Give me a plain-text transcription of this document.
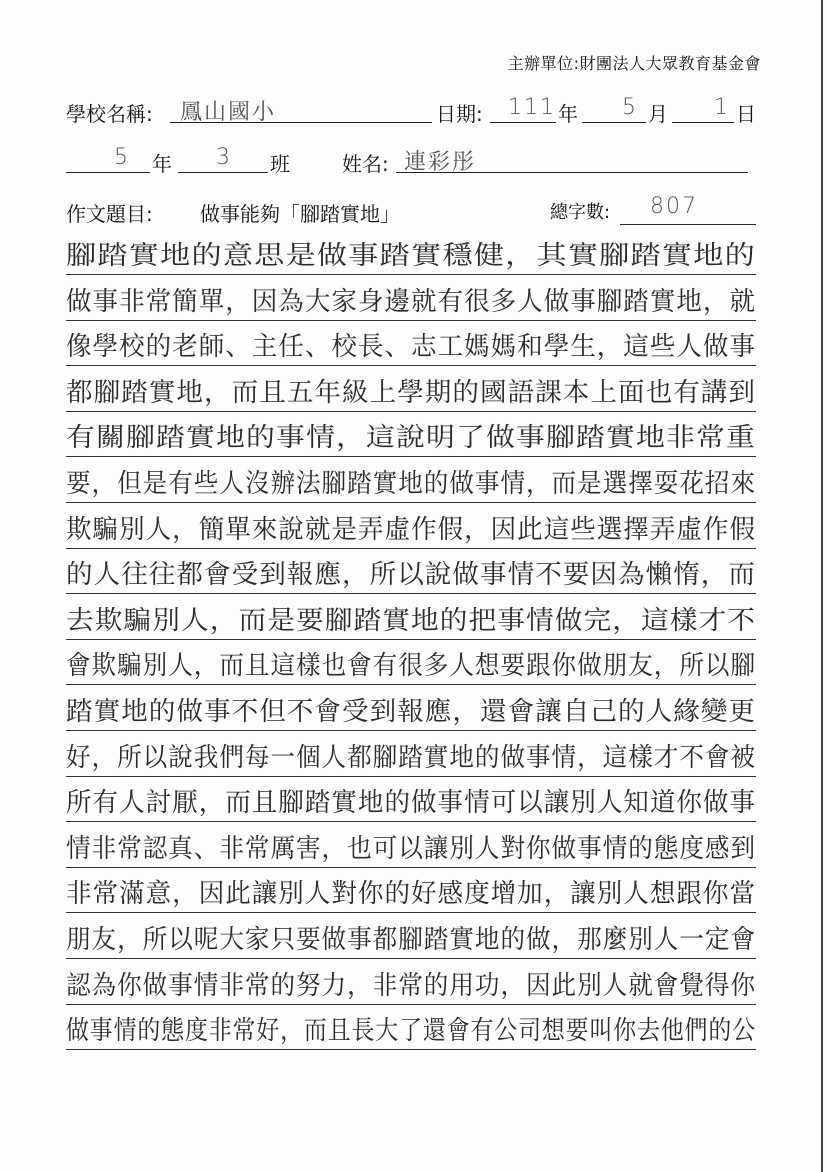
主辦單位:財團法人大眾教育基金會
學校名稱: 鳳山國小	日期: 111 年 5 月 1 日
5 年 3 班	姓名: 連彩彤
作文題目: 做事能夠「腳踏實地」	總字數: 807
腳踏實地的意思是做事踏實穩健，其實腳踏實地的
做事非常簡單，因為大家身邊就有很多人做事腳踏實地，就
像學校的老師、主任、校長、志工媽媽和學生，這些人做事
都腳踏實地，而且五年級上學期的國語課本上面也有講到
有關腳踏實地的事情，這說明了做事腳踏實地非常重
要，但是有些人沒辦法腳踏實地的做事情，而是選擇耍花招來
欺騙別人，簡單來說就是弄虛作假，因此這些選擇弄虛作假
的人往往都會受到報應，所以說做事情不要因為懶惰，而
去欺騙別人，而是要腳踏實地的把事情做完，這樣才不
會欺騙別人，而且這樣也會有很多人想要跟你做朋友，所以腳
踏實地的做事不但不會受到報應，還會讓自己的人緣變更
好，所以說我們每一個人都腳踏實地的做事情，這樣才不會被
所有人討厭，而且腳踏實地的做事情可以讓別人知道你做事
情非常認真、非常厲害，也可以讓別人對你做事情的態度感到
非常滿意，因此讓別人對你的好感度增加，讓別人想跟你當
朋友，所以呢大家只要做事都腳踏實地的做，那麼別人一定會
認為你做事情非常的努力，非常的用功，因此別人就會覺得你
做事情的態度非常好，而且長大了還會有公司想要叫你去他們的公
